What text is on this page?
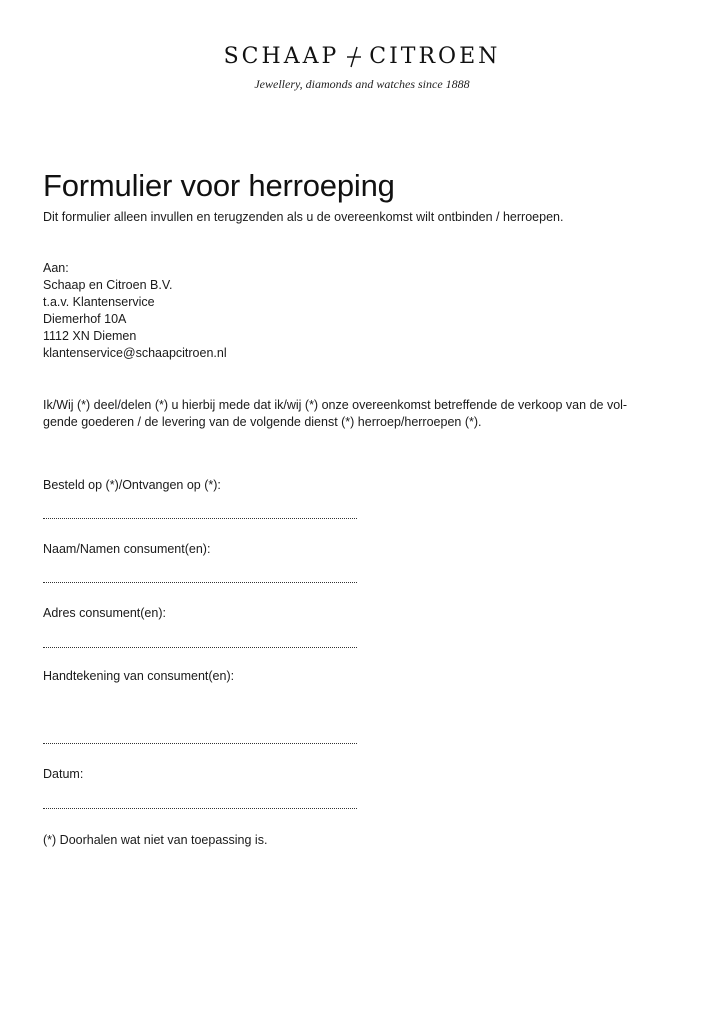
SCHAAP CITROEN
Jewellery, diamonds and watches since 1888
Formulier voor herroeping
Dit formulier alleen invullen en terugzenden als u de overeenkomst wilt ontbinden / herroepen.
Aan:
Schaap en Citroen B.V.
t.a.v. Klantenservice
Diemerhof 10A
1112 XN Diemen
klantenservice@schaapcitroen.nl
Ik/Wij (*) deel/delen (*) u hierbij mede dat ik/wij (*) onze overeenkomst betreffende de verkoop van de vol-
gende goederen / de levering van de volgende dienst (*) herroep/herroepen (*).
Besteld op (*)/Ontvangen op (*):
Naam/Namen consument(en):
Adres consument(en):
Handtekening van consument(en):
Datum:
(*) Doorhalen wat niet van toepassing is.
